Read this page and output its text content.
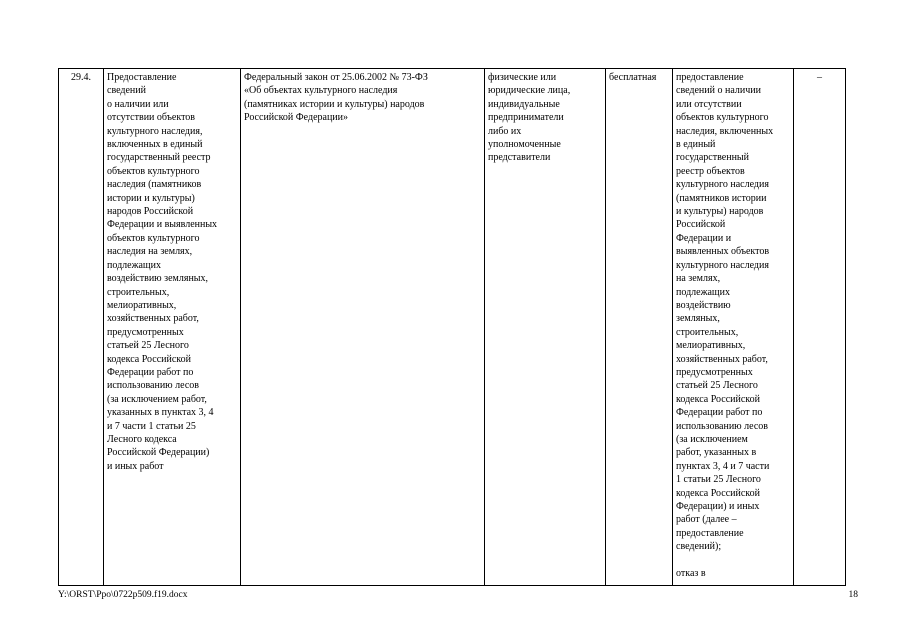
29.4.	Предоставление
сведений
о наличии или
отсутствии объектов
культурного наследия,
включенных в единый
государственный реестр
объектов культурного
наследия (памятников
истории и культуры)
народов Российской
Федерации и выявленных
объектов культурного
наследия на землях,
подлежащих
воздействию земляных,
строительных,
мелиоративных,
хозяйственных работ,
предусмотренных
статьей 25 Лесного
кодекса Российской
Федерации работ по
использованию лесов
(за исключением работ,
указанных в пунктах 3, 4
и 7 части 1 статьи 25
Лесного кодекса
Российской Федерации)
и иных работ	Федеральный закон от 25.06.2002 № 73-ФЗ
«Об объектах культурного наследия
(памятниках истории и культуры) народов
Российской Федерации»	физические или
юридические лица,
индивидуальные
предприниматели
либо их
уполномоченные
представители	бесплатная	предоставление
сведений о наличии
или отсутствии
объектов культурного
наследия, включенных
в единый
государственный
реестр объектов
культурного наследия
(памятников истории
и культуры) народов
Российской
Федерации и
выявленных объектов
культурного наследия
на землях,
подлежащих
воздействию
земляных,
строительных,
мелиоративных,
хозяйственных работ,
предусмотренных
статьей 25 Лесного
кодекса Российской
Федерации работ по
использованию лесов
(за исключением
работ, указанных в
пунктах 3, 4 и 7 части
1 статьи 25 Лесного
кодекса Российской
Федерации) и иных
работ (далее –
предоставление
сведений);

отказ в	–
Y:\ORST\Ppo\0722p509.f19.docx	18
